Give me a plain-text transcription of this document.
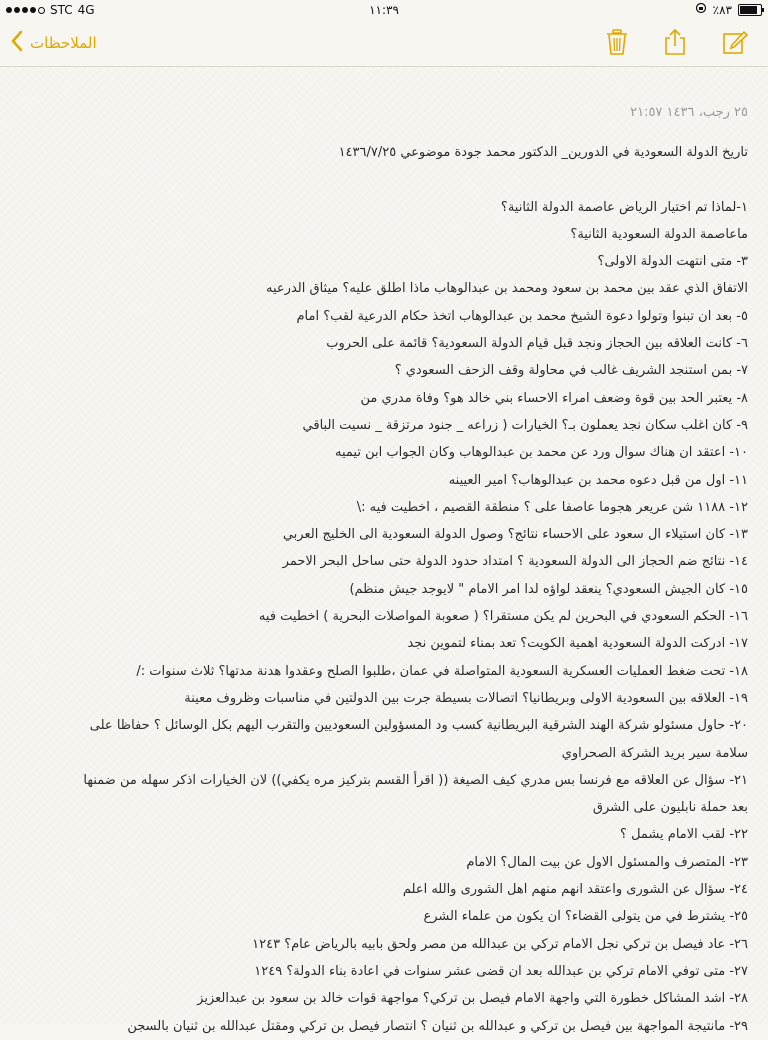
STC 4G	١١:٣٩	٪٨٣
الملاحظات
٢٥ رجب، ١٤٣٦ ٢١:٥٧
تاريخ الدولة السعودية في الدورين_ الدكتور محمد جودة موضوعي ١٤٣٦/٧/٢٥
١-لماذا تم اختيار الرياض عاصمة الدولة الثانية؟
ماعاصمة الدولة السعودية الثانية؟
٣- متى انتهت الدولة الاولى؟
الاتفاق الذي عقد بين محمد بن سعود ومحمد بن عبدالوهاب ماذا اطلق عليه؟ ميثاق الدرعيه
٥- بعد ان تبنوا وتولوا دعوة الشيخ محمد بن عبدالوهاب اتخذ حكام الدرعية لقب؟ امام
٦- كانت العلاقه بين الحجاز ونجد قبل قيام الدولة السعودية؟ قائمة على الحروب
٧- بمن استنجد الشريف غالب في محاولة وقف الزحف السعودي ؟
٨- يعتبر الحد بين قوة وضعف امراء الاحساء بني خالد هو؟ وفاة مدري من
٩- كان اغلب سكان نجد يعملون بـ؟ الخيارات ( زراعه _ جنود مرتزقة _ نسيت الباقي
١٠- اعتقد ان هناك سوال ورد عن محمد بن عبدالوهاب وكان الجواب ابن تيميه
١١- اول من قبل دعوه محمد بن عبدالوهاب؟ امير العيينه
١٢- ١١٨٨ شن عريعر هجوما عاصفا على ؟ منطقة القصيم ، اخطيت فيه :\
١٣- كان استيلاء ال سعود على الاحساء نتائج؟ وصول الدولة السعودية الى الخليج العربي
١٤- نتائج ضم الحجاز الى الدولة السعودية ؟ امتداد حدود الدولة حتى ساحل البحر الاحمر
١٥- كان الجيش السعودي؟ ينعقد لواؤه لدا امر الامام " لايوجد جيش منظم)
١٦- الحكم السعودي في البحرين لم يكن مستقرا؟ ( صعوبة المواصلات البحرية ) اخطيت فيه
١٧- ادركت الدولة السعودية اهمية الكويت؟ تعد بمناء لتموين نجد
١٨- تحت ضغط العمليات العسكرية السعودية المتواصلة في عمان ،طلبوا الصلح وعقدوا هدنة مدتها؟ ثلاث سنوات :/
١٩- العلاقه بين السعودية الاولى وبريطانيا؟ اتصالات بسيطة جرت بين الدولتين في مناسبات وظروف معينة
٢٠- حاول مسئولو شركة الهند الشرقية البريطانية كسب ود المسؤولين السعوديين والتقرب اليهم بكل الوسائل ؟ حفاظا على
سلامة سير بريد الشركة الصحراوي
٢١- سؤال عن العلاقه مع فرنسا بس مدري كيف الصيغة (( اقرأ القسم بتركيز مره يكفي)) لان الخيارات اذكر سهله من ضمنها
بعد حملة نابليون على الشرق
٢٢- لقب الامام يشمل ؟
٢٣- المتصرف والمسئول الاول عن بيت المال؟ الامام
٢٤- سؤال عن الشورى واعتقد انهم منهم اهل الشورى والله اعلم
٢٥- يشترط في من يتولى القضاء؟ ان يكون من علماء الشرع
٢٦- عاد فيصل بن تركي نجل الامام تركي بن عبدالله من مصر ولحق بابيه بالرياض عام؟ ١٢٤٣
٢٧- متى توفي الامام تركي بن عبدالله بعد ان قضى عشر سنوات في اعادة بناء الدولة؟ ١٢٤٩
٢٨- اشد المشاكل خطورة التي واجهة الامام فيصل بن تركي؟ مواجهة قوات خالد بن سعود بن عبدالعزيز
٢٩- مانتيجة المواجهة بين فيصل بن تركي و عبدالله بن ثنيان ؟ انتصار فيصل بن تركي ومقتل عبدالله بن ثنيان بالسجن
